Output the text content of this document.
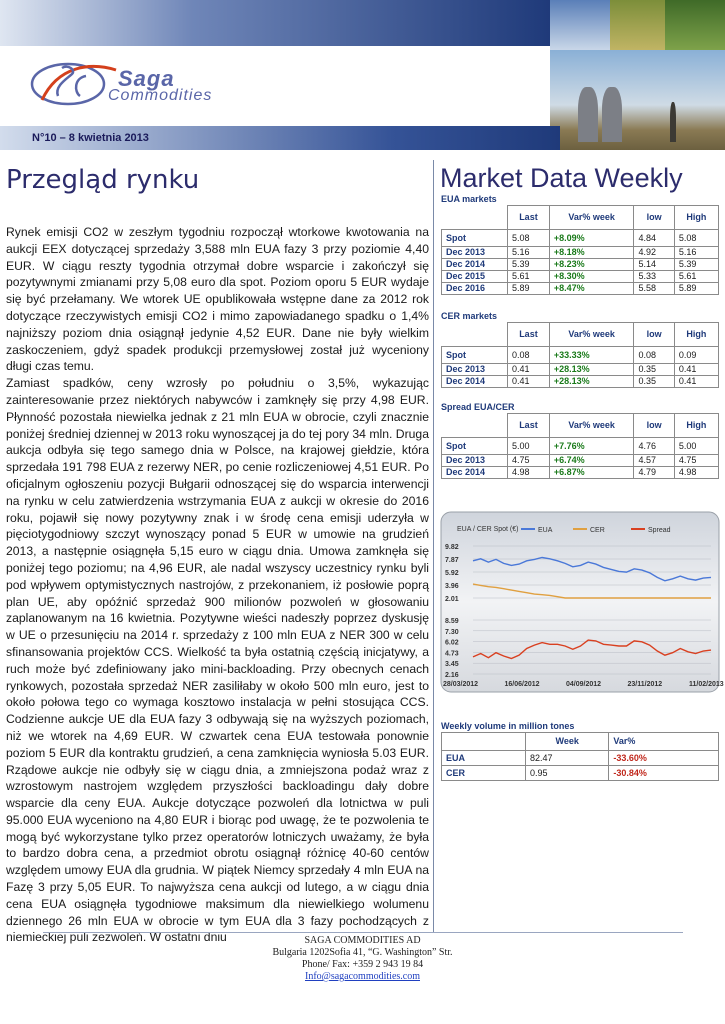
Saga
Commodities
N°10 – 8 kwietnia 2013
Przegląd rynku	Market Data Weekly

Rynek emisji CO2 w zeszłym tygodniu rozpoczął wtorkowe kwotowania na aukcji EEX dotyczącej sprzedaży 3,588 mln EUA fazy 3 przy poziomie 4,40 EUR. W ciągu reszty tygodnia otrzymał dobre wsparcie i zakończył się pozytywnymi zmianami przy 5,08 euro dla spot. Poziom oporu 5 EUR wydaje się być przełamany. We wtorek UE opublikowała wstępne dane za 2012 rok dotyczące rzeczywistych emisji CO2 i mimo zapowiadanego spadku o 1,4% najniższy poziom dnia osiągnął jedynie 4,52 EUR. Dane nie były wielkim zaskoczeniem, gdyż spadek produkcji przemysłowej został już wyceniony długi czas temu.

Zamiast spadków, ceny wzrosły po południu o 3,5%, wykazując zainteresowanie przez niektórych nabywców i zamknęły się przy 4,98 EUR. Płynność pozostała niewielka jednak z 21 mln EUA w obrocie, czyli znacznie poniżej średniej dziennej w 2013 roku wynoszącej ja do tej pory 34 mln. Druga aukcja odbyła się tego samego dnia w Polsce, na krajowej giełdzie, która sprzedała 191 798 EUA z rezerwy NER, po cenie rozliczeniowej 4,51 EUR. Po oficjalnym ogłoszeniu pozycji Bułgarii odnoszącej się do wsparcia interwencji na rynku w celu zatwierdzenia wstrzymania EUA z aukcji w okresie do 2016 roku, pojawił się nowy pozytywny znak i w środę cena emisji uderzyła w pięciotygodniowy szczyt wynoszący ponad 5 EUR w umowie na grudzień 2013, a następnie osiągnęła 5,15 euro w ciągu dnia. Umowa zamknęła się poniżej tego poziomu; na 4,96 EUR, ale nadal wszyscy uczestnicy rynku byli pod wpływem optymistycznych nastrojów, z przekonaniem, iż posłowie poprą plan UE, aby opóźnić sprzedaż 900 milionów pozwoleń w głosowaniu zaplanowanym na 16 kwietnia. Pozytywne wieści nadeszły poprzez dyskusję w UE o przesunięciu na 2014 r. sprzedaży z 100 mln EUA z NER 300 w celu sfinansowania projektów CCS. Wielkość ta była ostatnią częścią inicjatywy, a ruch może być zdefiniowany jako mini-backloading. Przy obecnych cenach rynkowych, pozostała sprzedaż NER zasiliłaby w około 500 mln euro, jest to około połowa tego co wymaga kosztowo instalacja w pełni stosująca CCS. Codzienne aukcje UE dla EUA fazy 3 odbywają się na wyższych poziomach, niż we wtorek na 4,69 EUR. W czwartek cena EUA testowała ponownie poziom 5 EUR dla kontraktu grudzień, a cena zamknięcia wyniosła 5.03 EUR. Rządowe aukcje nie odbyły się w ciągu dnia, a zmniejszona podaż wraz z wzrostowym nastrojem względem przyszłości backloadingu dały dobre wsparcie dla ceny EUA. Aukcje dotyczące pozwoleń dla lotnictwa w puli 95.000 EUA wyceniono na 4,80 EUR i biorąc pod uwagę, że te pozwolenia te mogą być wykorzystane tylko przez operatorów lotniczych uważamy, że była to bardzo dobra cena, a przedmiot obrotu osiągnął różnicę 40-60 centów względem umowy EUA dla grudnia. W piątek Niemcy sprzedały 4 mln EUA na Fazę 3 przy 5,05 EUR. To najwyższa cena aukcji od lutego, a w ciągu dnia cena EUA osiągnęła tygodniowe maksimum dla niewielkiego wolumenu dziennego 26 mln EUA w obrocie w tym EUA dla 3 fazy pochodzących z niemieckiej puli zezwoleń. W ostatni dniu

EUA markets
	Last	Var% week	low	High
Spot	5.08	+8.09%	4.84	5.08
Dec 2013	5.16	+8.18%	4.92	5.16
Dec 2014	5.39	+8.23%	5.14	5.39
Dec 2015	5.61	+8.30%	5.33	5.61
Dec 2016	5.89	+8.47%	5.58	5.89
CER markets
	Last	Var% week	low	High
Spot	0.08	+33.33%	0.08	0.09
Dec 2013	0.41	+28.13%	0.35	0.41
Dec 2014	0.41	+28.13%	0.35	0.41
Spread EUA/CER
	Last	Var% week	low	High
Spot	5.00	+7.76%	4.76	5.00
Dec 2013	4.75	+6.74%	4.57	4.75
Dec 2014	4.98	+6.87%	4.79	4.98
EUA / CER Spot (€)	EUA	CER	Spread
9.82
7.87
5.92
3.96
2.01
8.59
7.30
6.02
4.73
3.45
2.16
28/03/2012	16/06/2012	04/09/2012	23/11/2012	11/02/2013
Weekly volume in million tones
	Week	Var%
EUA	82.47	-33.60%
CER	0.95	-30.84%
SAGA COMMODITIES AD
Bulgaria 1202Sofia 41, “G. Washington” Str.
Phone/ Fax: +359 2 943 19 84
Info@sagacommodities.com
